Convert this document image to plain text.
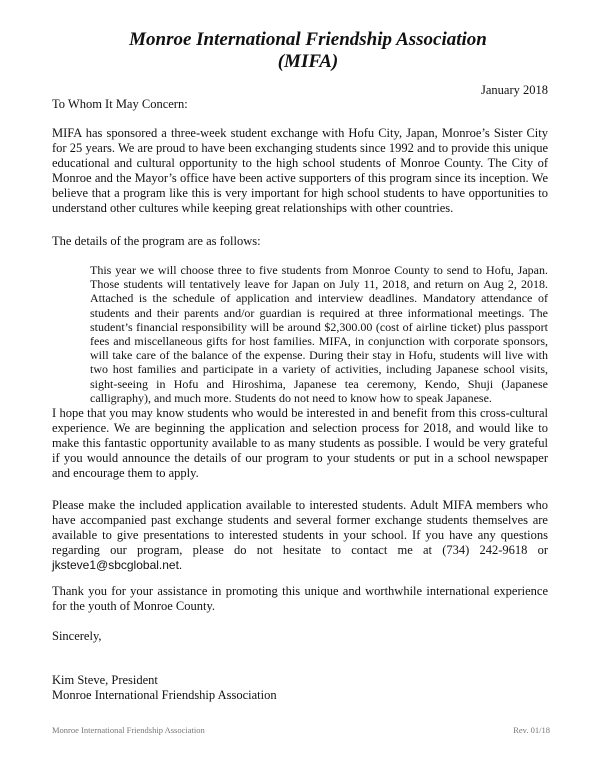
Monroe International Friendship Association
(MIFA)
January 2018
To Whom It May Concern:

MIFA has sponsored a three-week student exchange with Hofu City, Japan, Monroe’s Sister City for 25 years. We are proud to have been exchanging students since 1992 and to provide this unique educational and cultural opportunity to the high school students of Monroe County. The City of Monroe and the Mayor’s office have been active supporters of this program since its inception. We believe that a program like this is very important for high school students to have opportunities to understand other cultures while keeping great relationships with other countries.

The details of the program are as follows:

This year we will choose three to five students from Monroe County to send to Hofu, Japan. Those students will tentatively leave for Japan on July 11, 2018, and return on Aug 2, 2018. Attached is the schedule of application and interview deadlines. Mandatory attendance of students and their parents and/or guardian is required at three informational meetings. The student’s financial responsibility will be around $2,300.00 (cost of airline ticket) plus passport fees and miscellaneous gifts for host families. MIFA, in conjunction with corporate sponsors, will take care of the balance of the expense. During their stay in Hofu, students will live with two host families and participate in a variety of activities, including Japanese school visits, sight-seeing in Hofu and Hiroshima, Japanese tea ceremony, Kendo, Shuji (Japanese calligraphy), and much more. Students do not need to know how to speak Japanese.

I hope that you may know students who would be interested in and benefit from this cross-cultural experience. We are beginning the application and selection process for 2018, and would like to make this fantastic opportunity available to as many students as possible. I would be very grateful if you would announce the details of our program to your students or put in a school newspaper and encourage them to apply.

Please make the included application available to interested students. Adult MIFA members who have accompanied past exchange students and several former exchange students themselves are available to give presentations to interested students in your school. If you have any questions regarding our program, please do not hesitate to contact me at (734) 242-9618 or jksteve1@sbcglobal.net.

Thank you for your assistance in promoting this unique and worthwhile international experience for the youth of Monroe County.

Sincerely,
Kim Steve, President
Monroe International Friendship Association
Monroe International Friendship Association	Rev. 01/18
